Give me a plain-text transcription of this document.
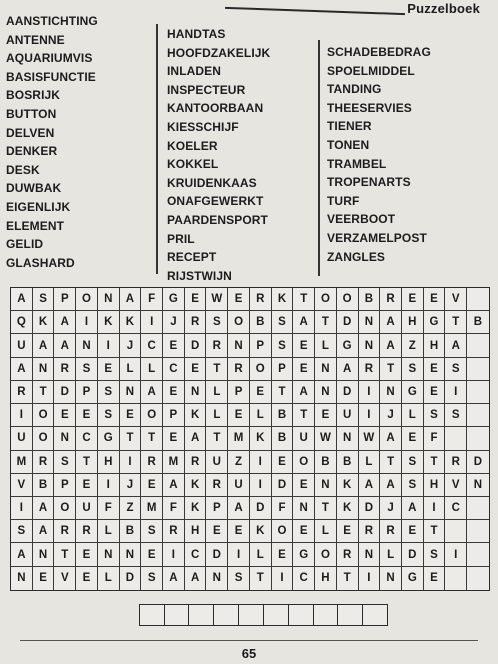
Puzzelboek
AANSTICHTING
ANTENNE
AQUARIUMVIS
BASISFUNCTIE
BOSRIJK
BUTTON
DELVEN
DENKER
DESK
DUWBAK
EIGENLIJK
ELEMENT
GELID
GLASHARD
HANDTAS
HOOFDZAKELIJK
INLADEN
INSPECTEUR
KANTOORBAAN
KIESSCHIJF
KOELER
KOKKEL
KRUIDENKAAS
ONAFGEWERKT
PAARDENSPORT
PRIL
RECEPT
RIJSTWIJN
SCHADEBEDRAG
SPOELMIDDEL
TANDING
THEESERVIES
TIENER
TONEN
TRAMBEL
TROPENARTS
TURF
VEERBOOT
VERZAMELPOST
ZANGLES
A	S	P	O	N	A	F	G	E	W	E	R	K	T	O	O	B	R	E	E	V
Q	K	A	I	K	K	I	J	R	S	O	B	S	A	T	D	N	A	H	G	T	B
U	A	A	N	I	J	C	E	D	R	N	P	S	E	L	G	N	A	Z	H	A
A	N	R	S	E	L	L	C	E	T	R	O	P	E	N	A	R	T	S	E	S
R	T	D	P	S	N	A	E	N	L	P	E	T	A	N	D	I	N	G	E	I
I	O	E	E	S	E	O	P	K	L	E	L	B	T	E	U	I	J	L	S	S
U	O	N	C	G	T	T	E	A	T	M	K	B	U	W	N	W	A	E	F
M	R	S	T	H	I	R	M	R	U	Z	I	E	O	B	B	L	T	S	T	R	D
V	B	P	E	I	J	E	A	K	R	U	I	D	E	N	K	A	A	S	H	V	N
I	A	O	U	F	Z	M	F	K	P	A	D	F	N	T	K	D	J	A	I	C
S	A	R	R	L	B	S	R	H	E	E	K	O	E	L	E	R	R	E	T
A	N	T	E	N	N	E	I	C	D	I	L	E	G	O	R	N	L	D	S	I
N	E	V	E	L	D	S	A	A	N	S	T	I	C	H	T	I	N	G	E
65
